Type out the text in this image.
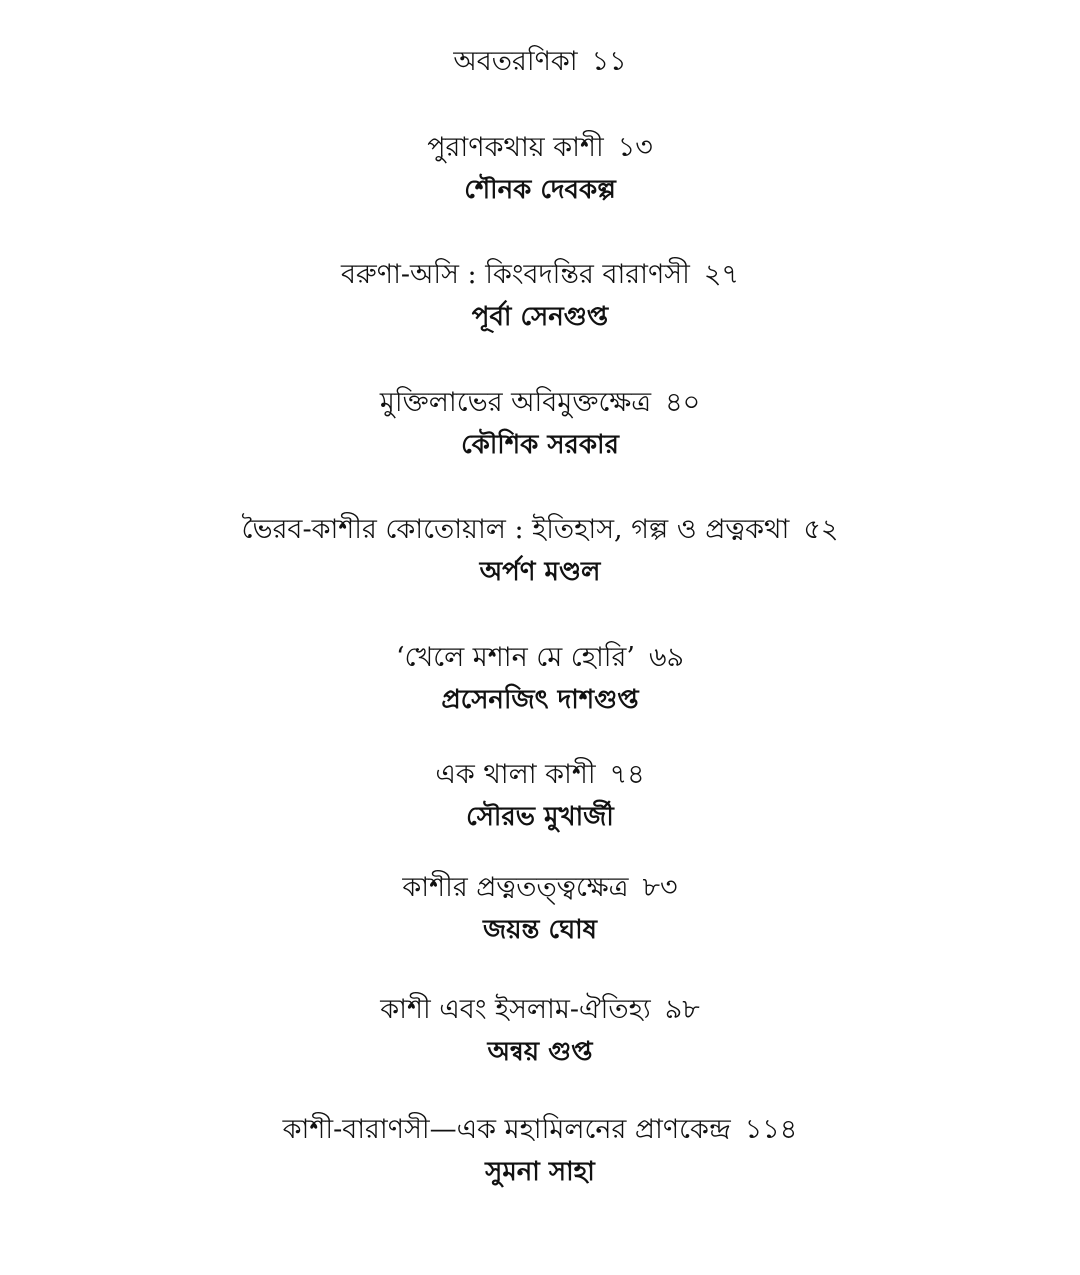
অবতরণিকা ১১
পুরাণকথায় কাশী ১৩
শৌনক দেবকল্প
বরুণা-অসি : কিংবদন্তির বারাণসী ২৭
পূর্বা সেনগুপ্ত
মুক্তিলাভের অবিমুক্তক্ষেত্র ৪০
কৌশিক সরকার
ভৈরব-কাশীর কোতোয়াল : ইতিহাস, গল্প ও প্রত্নকথা ৫২
অর্পণ মণ্ডল
‘খেলে মশান মে হোরি’ ৬৯
প্রসেনজিৎ দাশগুপ্ত
এক থালা কাশী ৭৪
সৌরভ মুখার্জী
কাশীর প্রত্নতত্ত্বক্ষেত্র ৮৩
জয়ন্ত ঘোষ
কাশী এবং ইসলাম-ঐতিহ্য ৯৮
অন্বয় গুপ্ত
কাশী-বারাণসী—এক মহামিলনের প্রাণকেন্দ্র ১১৪
সুমনা সাহা
